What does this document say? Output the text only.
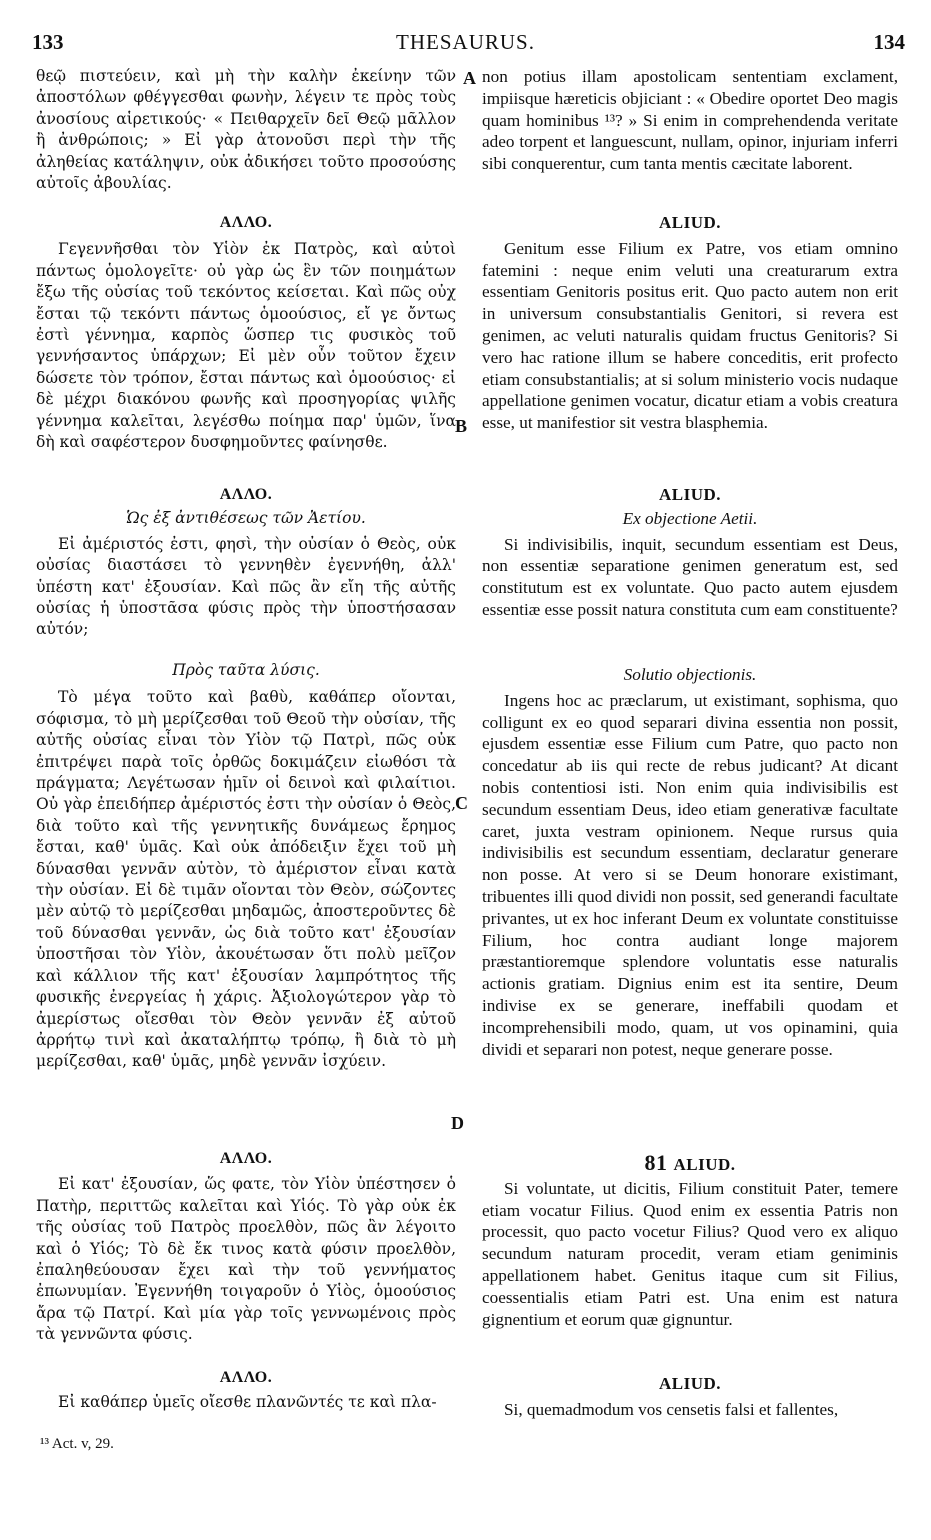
133	THESAURUS.	134
A
B
C
D

θεῷ πιστεύειν, καὶ μὴ τὴν καλὴν ἐκείνην τῶν ἀποστόλων φθέγγεσθαι φωνὴν, λέγειν τε πρὸς τοὺς ἀνοσίους αἱρετικούς· « Πειθαρχεῖν δεῖ Θεῷ μᾶλλον ἢ ἀνθρώποις; » Εἰ γὰρ ἀτονοῦσι περὶ τὴν τῆς ἀληθείας κατάληψιν, οὐκ ἀδικήσει τοῦτο προσούσης αὐτοῖς ἀβουλίας.

ΑΛΛΟ.

Γεγεννῆσθαι τὸν Υἱὸν ἐκ Πατρὸς, καὶ αὐτοὶ πάντως ὁμολογεῖτε· οὐ γὰρ ὡς ἓν τῶν ποιημάτων ἔξω τῆς οὐσίας τοῦ τεκόντος κείσεται. Καὶ πῶς οὐχ ἔσται τῷ τεκόντι πάντως ὁμοούσιος, εἴ γε ὄντως ἐστὶ γέννημα, καρπὸς ὥσπερ τις φυσικὸς τοῦ γεννήσαντος ὑπάρχων; Εἰ μὲν οὖν τοῦτον ἔχειν δώσετε τὸν τρόπον, ἔσται πάντως καὶ ὁμοούσιος· εἰ δὲ μέχρι διακόνου φωνῆς καὶ προσηγορίας ψιλῆς γέννημα καλεῖται, λεγέσθω ποίημα παρ' ὑμῶν, ἵνα δὴ καὶ σαφέστερον δυσφημοῦντες φαίνησθε.

ΑΛΛΟ.
Ὡς ἐξ ἀντιθέσεως τῶν Ἀετίου.

Εἰ ἀμέριστός ἐστι, φησὶ, τὴν οὐσίαν ὁ Θεὸς, οὐκ οὐσίας διαστάσει τὸ γεννηθὲν ἐγεννήθη, ἀλλ' ὑπέστη κατ' ἐξουσίαν. Καὶ πῶς ἂν εἴη τῆς αὐτῆς οὐσίας ἡ ὑποστᾶσα φύσις πρὸς τὴν ὑποστήσασαν αὐτόν;

Πρὸς ταῦτα λύσις.

Τὸ μέγα τοῦτο καὶ βαθὺ, καθάπερ οἴονται, σόφισμα, τὸ μὴ μερίζεσθαι τοῦ Θεοῦ τὴν οὐσίαν, τῆς αὐτῆς οὐσίας εἶναι τὸν Υἱὸν τῷ Πατρὶ, πῶς οὐκ ἐπιτρέψει παρὰ τοῖς ὀρθῶς δοκιμάζειν εἰωθόσι τὰ πράγματα; Λεγέτωσαν ἡμῖν οἱ δεινοὶ καὶ φιλαίτιοι. Οὐ γὰρ ἐπειδήπερ ἀμέριστός ἐστι τὴν οὐσίαν ὁ Θεὸς, διὰ τοῦτο καὶ τῆς γεννητικῆς δυνάμεως ἔρημος ἔσται, καθ' ὑμᾶς. Καὶ οὐκ ἀπόδειξιν ἔχει τοῦ μὴ δύνασθαι γεννᾶν αὐτὸν, τὸ ἀμέριστον εἶναι κατὰ τὴν οὐσίαν. Εἰ δὲ τιμᾶν οἴονται τὸν Θεὸν, σώζοντες μὲν αὐτῷ τὸ μερίζεσθαι μηδαμῶς, ἀποστεροῦντες δὲ τοῦ δύνασθαι γεννᾶν, ὡς διὰ τοῦτο κατ' ἐξουσίαν ὑποστῆσαι τὸν Υἱὸν, ἀκουέτωσαν ὅτι πολὺ μεῖζον καὶ κάλλιον τῆς κατ' ἐξουσίαν λαμπρότητος τῆς φυσικῆς ἐνεργείας ἡ χάρις. Ἀξιολογώτερον γὰρ τὸ ἀμερίστως οἴεσθαι τὸν Θεὸν γεννᾶν ἐξ αὐτοῦ ἀρρήτῳ τινὶ καὶ ἀκαταλήπτῳ τρόπῳ, ἢ διὰ τὸ μὴ μερίζεσθαι, καθ' ὑμᾶς, μηδὲ γεννᾶν ἰσχύειν.

ΑΛΛΟ.

Εἰ κατ' ἐξουσίαν, ὥς φατε, τὸν Υἱὸν ὑπέστησεν ὁ Πατὴρ, περιττῶς καλεῖται καὶ Υἱός. Τὸ γὰρ οὐκ ἐκ τῆς οὐσίας τοῦ Πατρὸς προελθὸν, πῶς ἂν λέγοιτο καὶ ὁ Υἱός; Τὸ δὲ ἔκ τινος κατὰ φύσιν προελθὸν, ἐπαληθεύουσαν ἔχει καὶ τὴν τοῦ γεννήματος ἐπωνυμίαν. Ἐγεννήθη τοιγαροῦν ὁ Υἱὸς, ὁμοούσιος ἄρα τῷ Πατρί. Καὶ μία γὰρ τοῖς γεννωμένοις πρὸς τὰ γεννῶντα φύσις.

ΑΛΛΟ.

Εἰ καθάπερ ὑμεῖς οἴεσθε πλανῶντές τε καὶ πλα-

non potius illam apostolicam sententiam exclament, impiisque hæreticis objiciant : « Obedire oportet Deo magis quam hominibus ¹³? » Si enim in comprehendenda veritate adeo torpent et languescunt, nullam, opinor, injuriam inferri sibi conquerentur, cum tanta mentis cæcitate laborent.

ALIUD.

Genitum esse Filium ex Patre, vos etiam omnino fatemini : neque enim veluti una creaturarum extra essentiam Genitoris positus erit. Quo pacto autem non erit in universum consubstantialis Genitori, si revera est genimen, ac veluti naturalis quidam fructus Genitoris? Si vero hac ratione illum se habere conceditis, erit profecto etiam consubstantialis; at si solum ministerio vocis nudaque appellatione genimen vocatur, dicatur etiam a vobis creatura esse, ut manifestior sit vestra blasphemia.

ALIUD.
Ex objectione Aetii.

Si indivisibilis, inquit, secundum essentiam est Deus, non essentiæ separatione genimen generatum est, sed constitutum est ex voluntate. Quo pacto autem ejusdem essentiæ esse possit natura constituta cum eam constituente?

Solutio objectionis.

Ingens hoc ac præclarum, ut existimant, sophisma, quo colligunt ex eo quod separari divina essentia non possit, ejusdem essentiæ esse Filium cum Patre, quo pacto non concedatur ab iis qui recte de rebus judicant? At dicant nobis contentiosi isti. Non enim quia indivisibilis est secundum essentiam Deus, ideo etiam generativæ facultate caret, juxta vestram opinionem. Neque rursus quia indivisibilis est secundum essentiam, declaratur generare non posse. At vero si se Deum honorare existimant, tribuentes illi quod dividi non possit, sed generandi facultate privantes, ut ex hoc inferant Deum ex voluntate constituisse Filium, hoc contra audiant longe majorem præstantioremque splendore voluntatis esse naturalis actionis gratiam. Dignius enim est ita sentire, Deum indivise ex se generare, ineffabili quodam et incomprehensibili modo, quam, ut vos opinamini, quia dividi et separari non potest, neque generare posse.

81 ALIUD.

Si voluntate, ut dicitis, Filium constituit Pater, temere etiam vocatur Filius. Quod enim ex essentia Patris non processit, quo pacto vocetur Filius? Quod vero ex aliquo secundum naturam procedit, veram etiam geniminis appellationem habet. Genitus itaque cum sit Filius, coessentialis etiam Patri est. Una enim est natura gignentium et eorum quæ gignuntur.

ALIUD.

Si, quemadmodum vos censetis falsi et fallentes,

¹³ Act. v, 29.
